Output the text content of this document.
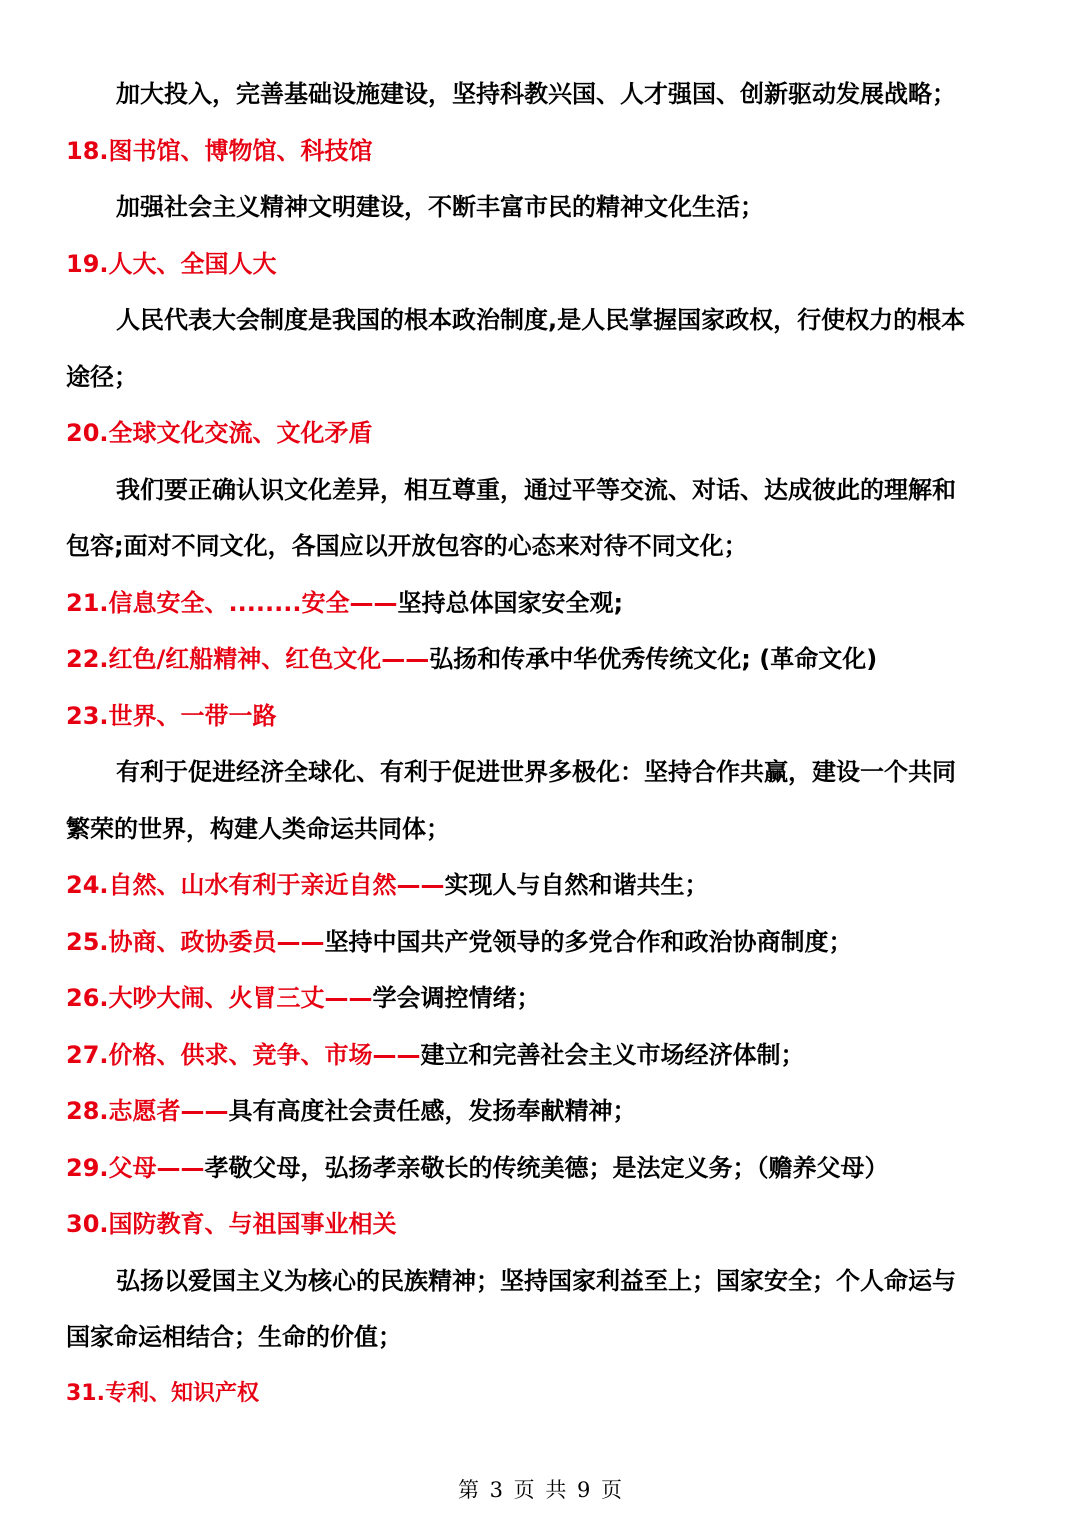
加大投入，完善基础设施建设，坚持科教兴国、人才强国、创新驱动发展战略；
18.图书馆、博物馆、科技馆
加强社会主义精神文明建设，不断丰富市民的精神文化生活；
19.人大、全国人大
人民代表大会制度是我国的根本政治制度,是人民掌握国家政权，行使权力的根本
途径；
20.全球文化交流、文化矛盾
我们要正确认识文化差异，相互尊重，通过平等交流、对话、达成彼此的理解和
包容;面对不同文化，各国应以开放包容的心态来对待不同文化；
21.信息安全、........安全——坚持总体国家安全观;
22.红色/红船精神、红色文化——弘扬和传承中华优秀传统文化; (革命文化)
23.世界、一带一路
有利于促进经济全球化、有利于促进世界多极化：坚持合作共赢，建设一个共同
繁荣的世界，构建人类命运共同体；
24.自然、山水有利于亲近自然——实现人与自然和谐共生；
25.协商、政协委员——坚持中国共产党领导的多党合作和政治协商制度；
26.大吵大闹、火冒三丈——学会调控情绪；
27.价格、供求、竞争、市场——建立和完善社会主义市场经济体制；
28.志愿者——具有高度社会责任感，发扬奉献精神；
29.父母——孝敬父母，弘扬孝亲敬长的传统美德；是法定义务；（赡养父母）
30.国防教育、与祖国事业相关
弘扬以爱国主义为核心的民族精神；坚持国家利益至上；国家安全；个人命运与
国家命运相结合；生命的价值；
31.专利、知识产权
第 3 页 共 9 页
